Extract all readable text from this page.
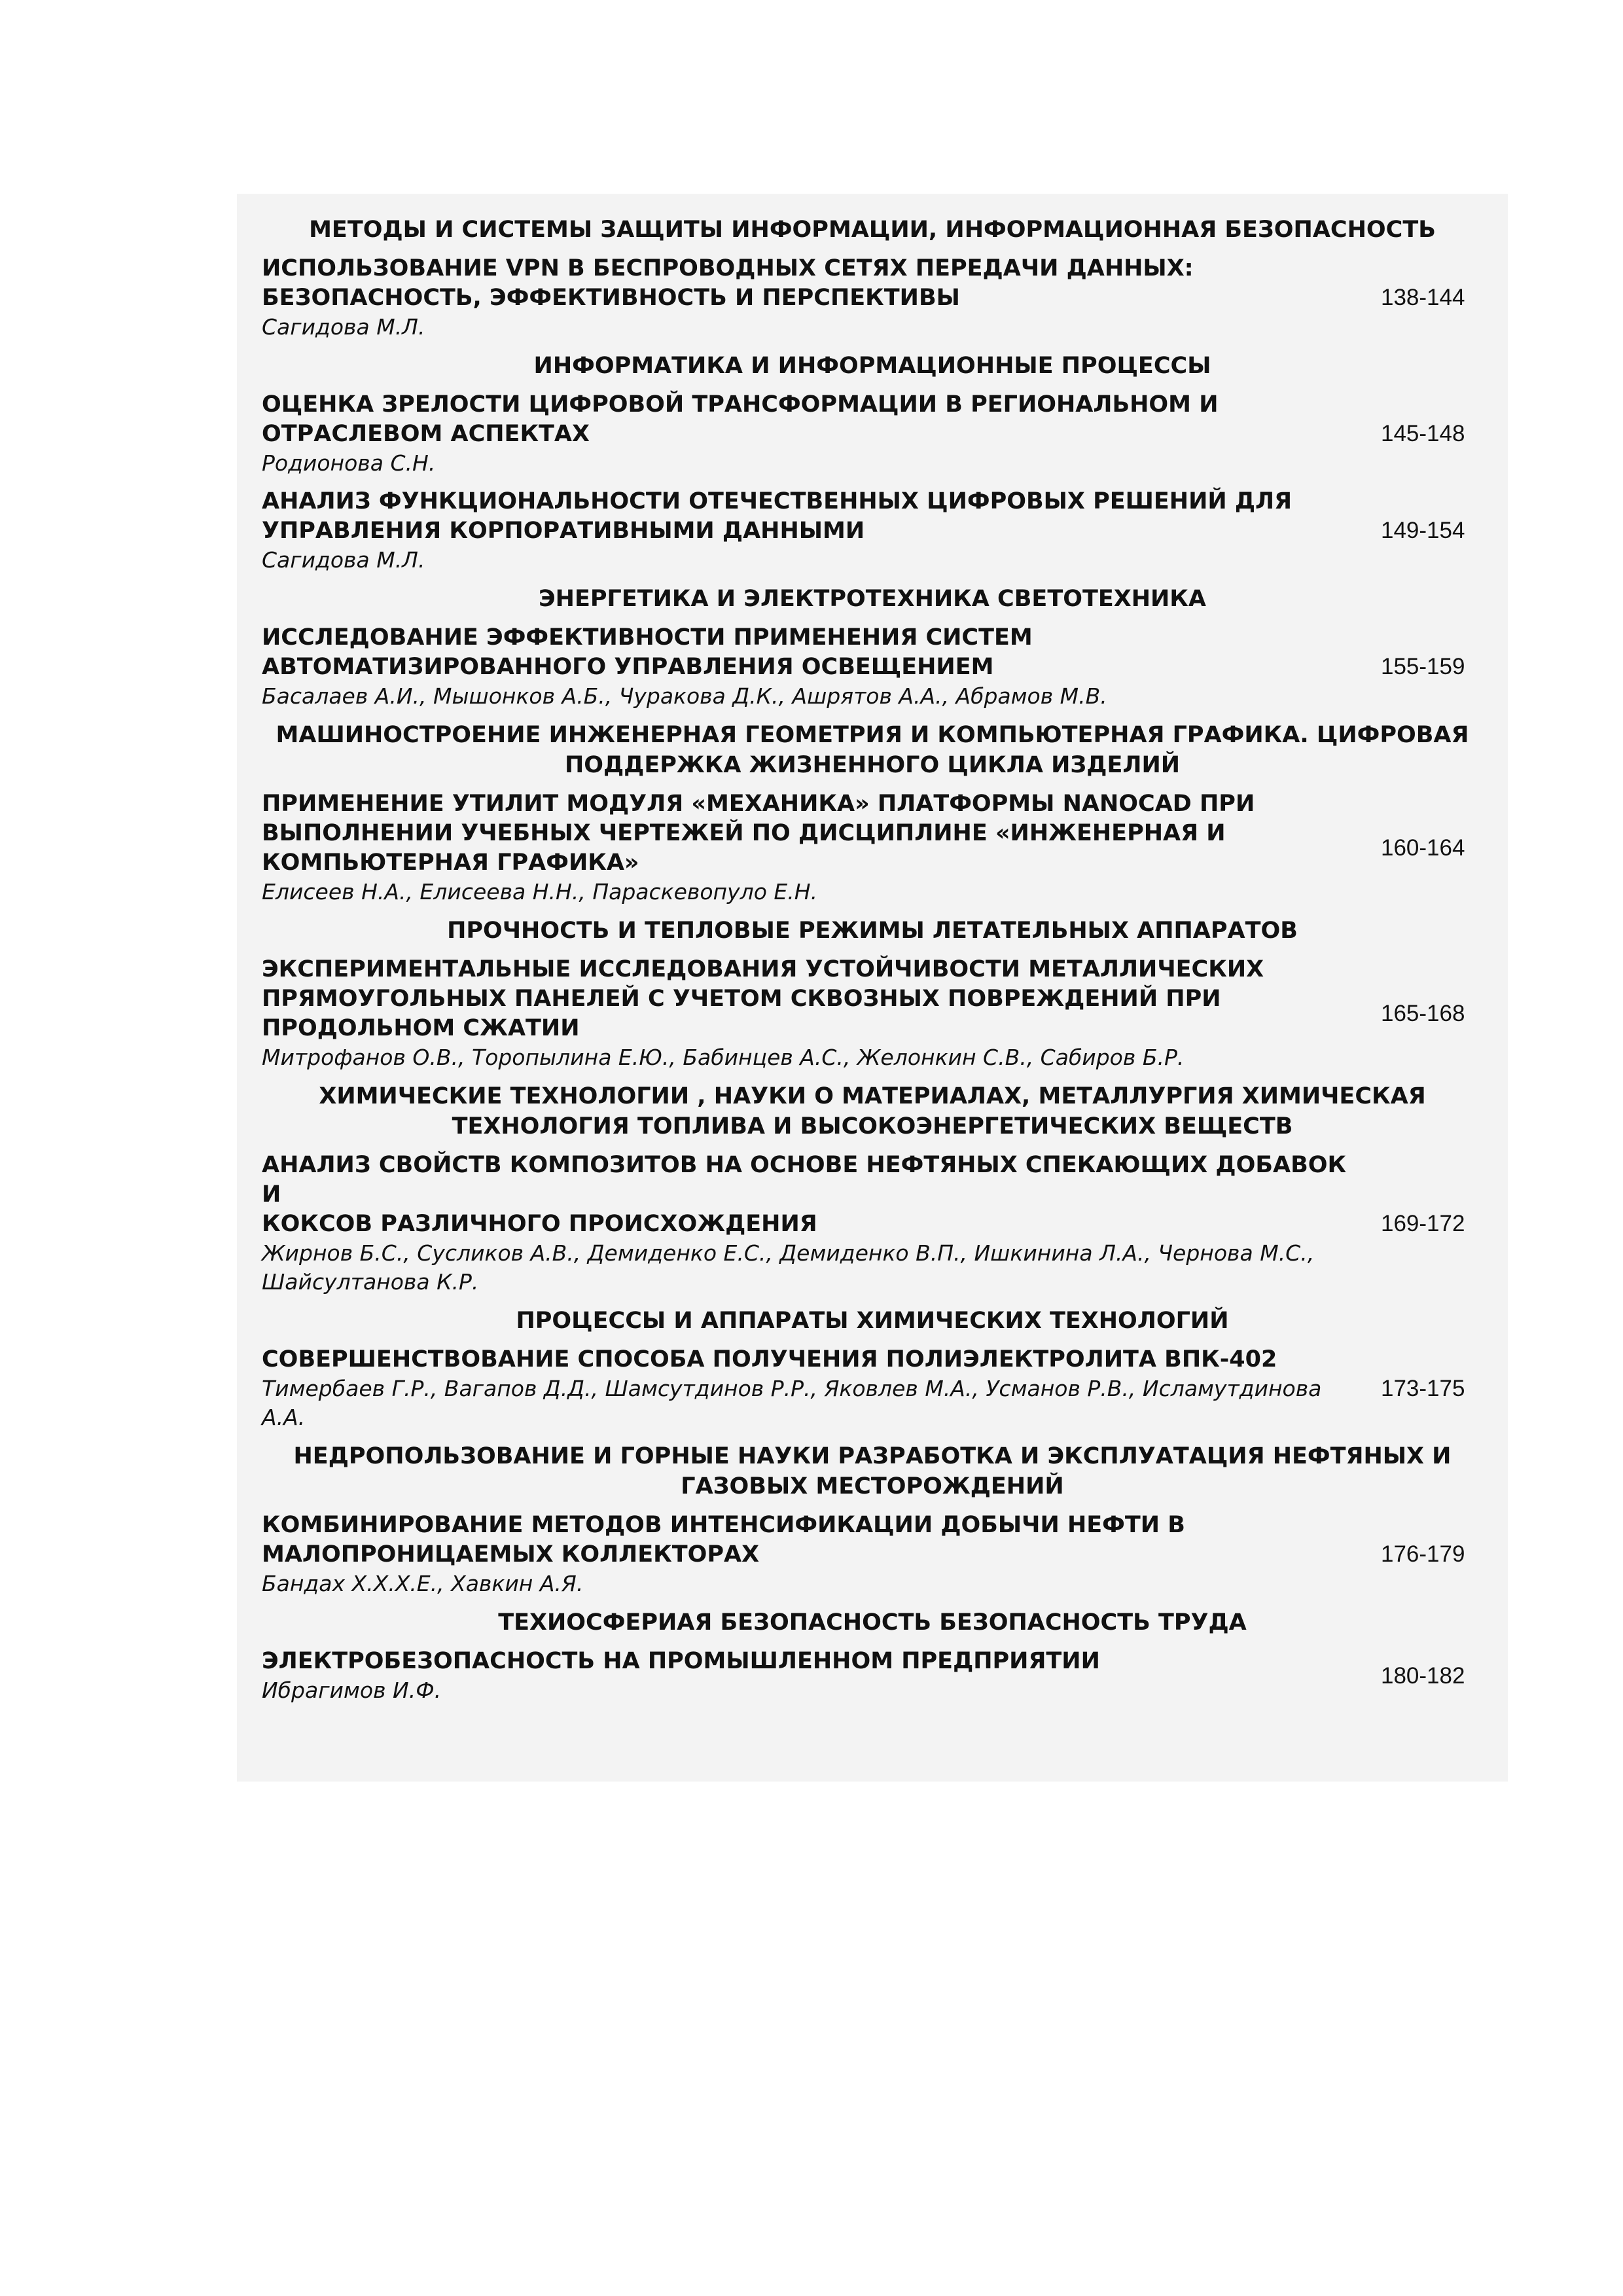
МЕТОДЫ И СИСТЕМЫ ЗАЩИТЫ ИНФОРМАЦИИ, ИНФОРМАЦИОННАЯ БЕЗОПАСНОСТЬ
ИСПОЛЬЗОВАНИЕ VPN В БЕСПРОВОДНЫХ СЕТЯХ ПЕРЕДАЧИ ДАННЫХ:
БЕЗОПАСНОСТЬ, ЭФФЕКТИВНОСТЬ И ПЕРСПЕКТИВЫ
Сагидова М.Л.
138-144
ИНФОРМАТИКА И ИНФОРМАЦИОННЫЕ ПРОЦЕССЫ
ОЦЕНКА ЗРЕЛОСТИ ЦИФРОВОЙ ТРАНСФОРМАЦИИ В РЕГИОНАЛЬНОМ И
ОТРАСЛЕВОМ АСПЕКТАХ
Родионова С.Н.
145-148
АНАЛИЗ ФУНКЦИОНАЛЬНОСТИ ОТЕЧЕСТВЕННЫХ ЦИФРОВЫХ РЕШЕНИЙ ДЛЯ
УПРАВЛЕНИЯ КОРПОРАТИВНЫМИ ДАННЫМИ
Сагидова М.Л.
149-154
ЭНЕРГЕТИКА И ЭЛЕКТРОТЕХНИКА СВЕТОТЕХНИКА
ИССЛЕДОВАНИЕ ЭФФЕКТИВНОСТИ ПРИМЕНЕНИЯ СИСТЕМ
АВТОМАТИЗИРОВАННОГО УПРАВЛЕНИЯ ОСВЕЩЕНИЕМ
Басалаев А.И., Мышонков А.Б., Чуракова Д.К., Ашрятов А.А., Абрамов М.В.
155-159
МАШИНОСТРОЕНИЕ ИНЖЕНЕРНАЯ ГЕОМЕТРИЯ И КОМПЬЮТЕРНАЯ ГРАФИКА. ЦИФРОВАЯ ПОДДЕРЖКА ЖИЗНЕННОГО ЦИКЛА ИЗДЕЛИЙ
ПРИМЕНЕНИЕ УТИЛИТ МОДУЛЯ «МЕХАНИКА» ПЛАТФОРМЫ NANOCAD ПРИ
ВЫПОЛНЕНИИ УЧЕБНЫХ ЧЕРТЕЖЕЙ ПО ДИСЦИПЛИНЕ «ИНЖЕНЕРНАЯ И
КОМПЬЮТЕРНАЯ ГРАФИКА»
Елисеев Н.А., Елисеева Н.Н., Параскевопуло Е.Н.
160-164
ПРОЧНОСТЬ И ТЕПЛОВЫЕ РЕЖИМЫ ЛЕТАТЕЛЬНЫХ АППАРАТОВ
ЭКСПЕРИМЕНТАЛЬНЫЕ ИССЛЕДОВАНИЯ УСТОЙЧИВОСТИ МЕТАЛЛИЧЕСКИХ
ПРЯМОУГОЛЬНЫХ ПАНЕЛЕЙ С УЧЕТОМ СКВОЗНЫХ ПОВРЕЖДЕНИЙ ПРИ
ПРОДОЛЬНОМ СЖАТИИ
Митрофанов О.В., Торопылина Е.Ю., Бабинцев А.С., Желонкин С.В., Сабиров Б.Р.
165-168
ХИМИЧЕСКИЕ ТЕХНОЛОГИИ , НАУКИ О МАТЕРИАЛАХ, МЕТАЛЛУРГИЯ ХИМИЧЕСКАЯ ТЕХНОЛОГИЯ ТОПЛИВА И ВЫСОКОЭНЕРГЕТИЧЕСКИХ ВЕЩЕСТВ
АНАЛИЗ СВОЙСТВ КОМПОЗИТОВ НА ОСНОВЕ НЕФТЯНЫХ СПЕКАЮЩИХ ДОБАВОК И
КОКСОВ РАЗЛИЧНОГО ПРОИСХОЖДЕНИЯ
Жирнов Б.С., Сусликов А.В., Демиденко Е.С., Демиденко В.П., Ишкинина Л.А., Чернова М.С.,
Шайсултанова К.Р.
169-172
ПРОЦЕССЫ И АППАРАТЫ ХИМИЧЕСКИХ ТЕХНОЛОГИЙ
СОВЕРШЕНСТВОВАНИЕ СПОСОБА ПОЛУЧЕНИЯ ПОЛИЭЛЕКТРОЛИТА ВПК-402
Тимербаев Г.Р., Вагапов Д.Д., Шамсутдинов Р.Р., Яковлев М.А., Усманов Р.В., Исламутдинова
А.А.
173-175
НЕДРОПОЛЬЗОВАНИЕ И ГОРНЫЕ НАУКИ РАЗРАБОТКА И ЭКСПЛУАТАЦИЯ НЕФТЯНЫХ И ГАЗОВЫХ МЕСТОРОЖДЕНИЙ
КОМБИНИРОВАНИЕ МЕТОДОВ ИНТЕНСИФИКАЦИИ ДОБЫЧИ НЕФТИ В
МАЛОПРОНИЦАЕМЫХ КОЛЛЕКТОРАХ
Бандах Х.Х.Х.Е., Хавкин А.Я.
176-179
ТЕХИОСФЕРИАЯ БЕЗОПАСНОСТЬ БЕЗОПАСНОСТЬ ТРУДА
ЭЛЕКТРОБЕЗОПАСНОСТЬ НА ПРОМЫШЛЕННОМ ПРЕДПРИЯТИИ
Ибрагимов И.Ф.
180-182
